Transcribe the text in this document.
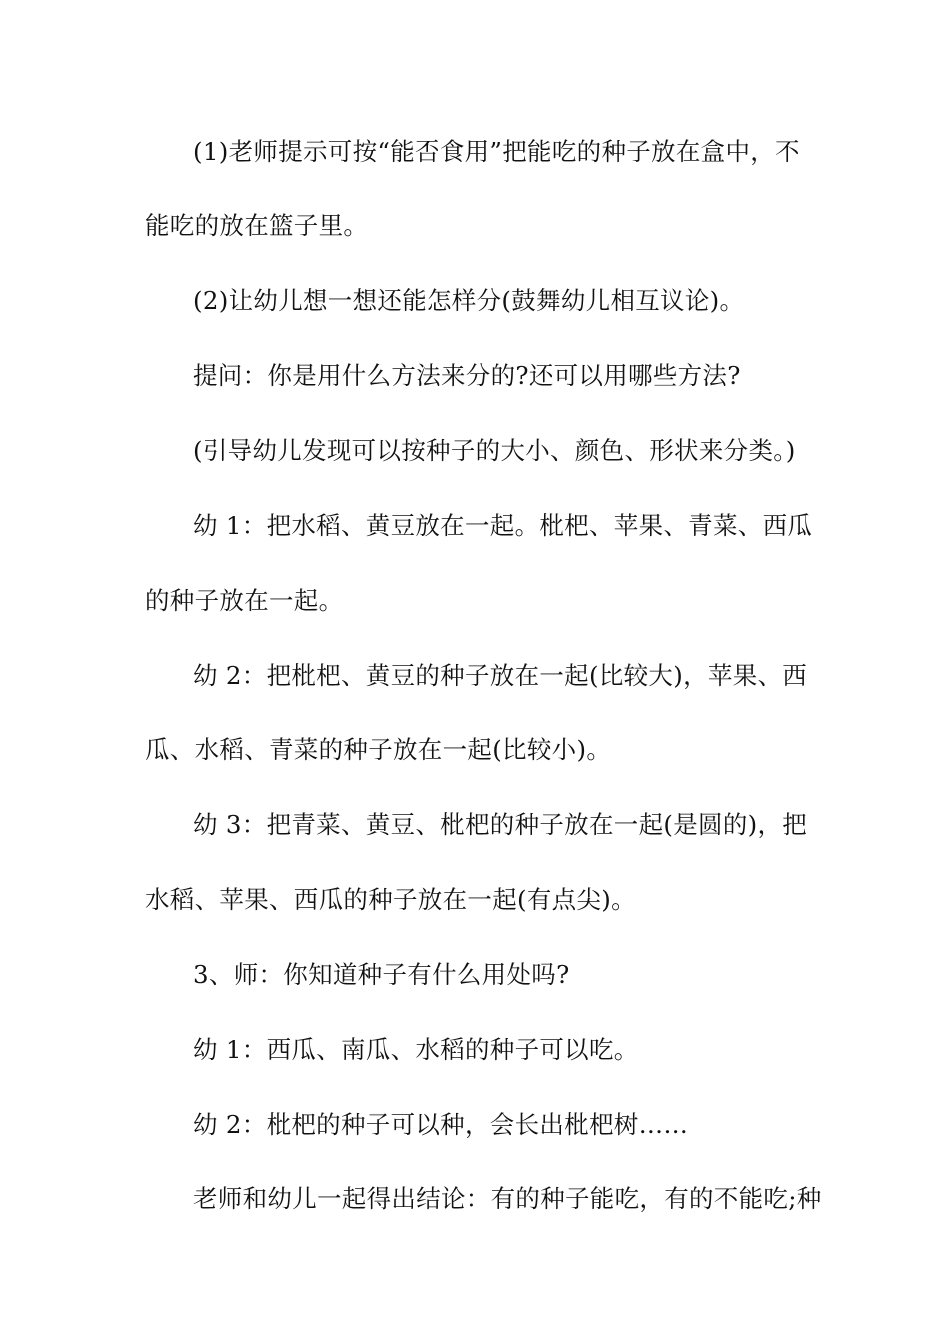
(1)老师提示可按“能否食用”把能吃的种子放在盒中，不
能吃的放在篮子里。
(2)让幼儿想一想还能怎样分(鼓舞幼儿相互议论)。
提问：你是用什么方法来分的?还可以用哪些方法?
(引导幼儿发现可以按种子的大小、颜色、形状来分类。)
幼 1：把水稻、黄豆放在一起。枇杷、苹果、青菜、西瓜
的种子放在一起。
幼 2：把枇杷、黄豆的种子放在一起(比较大)，苹果、西
瓜、水稻、青菜的种子放在一起(比较小)。
幼 3：把青菜、黄豆、枇杷的种子放在一起(是圆的)，把
水稻、苹果、西瓜的种子放在一起(有点尖)。
3、师：你知道种子有什么用处吗?
幼 1：西瓜、南瓜、水稻的种子可以吃。
幼 2：枇杷的种子可以种，会长出枇杷树……
老师和幼儿一起得出结论：有的种子能吃，有的不能吃;种
